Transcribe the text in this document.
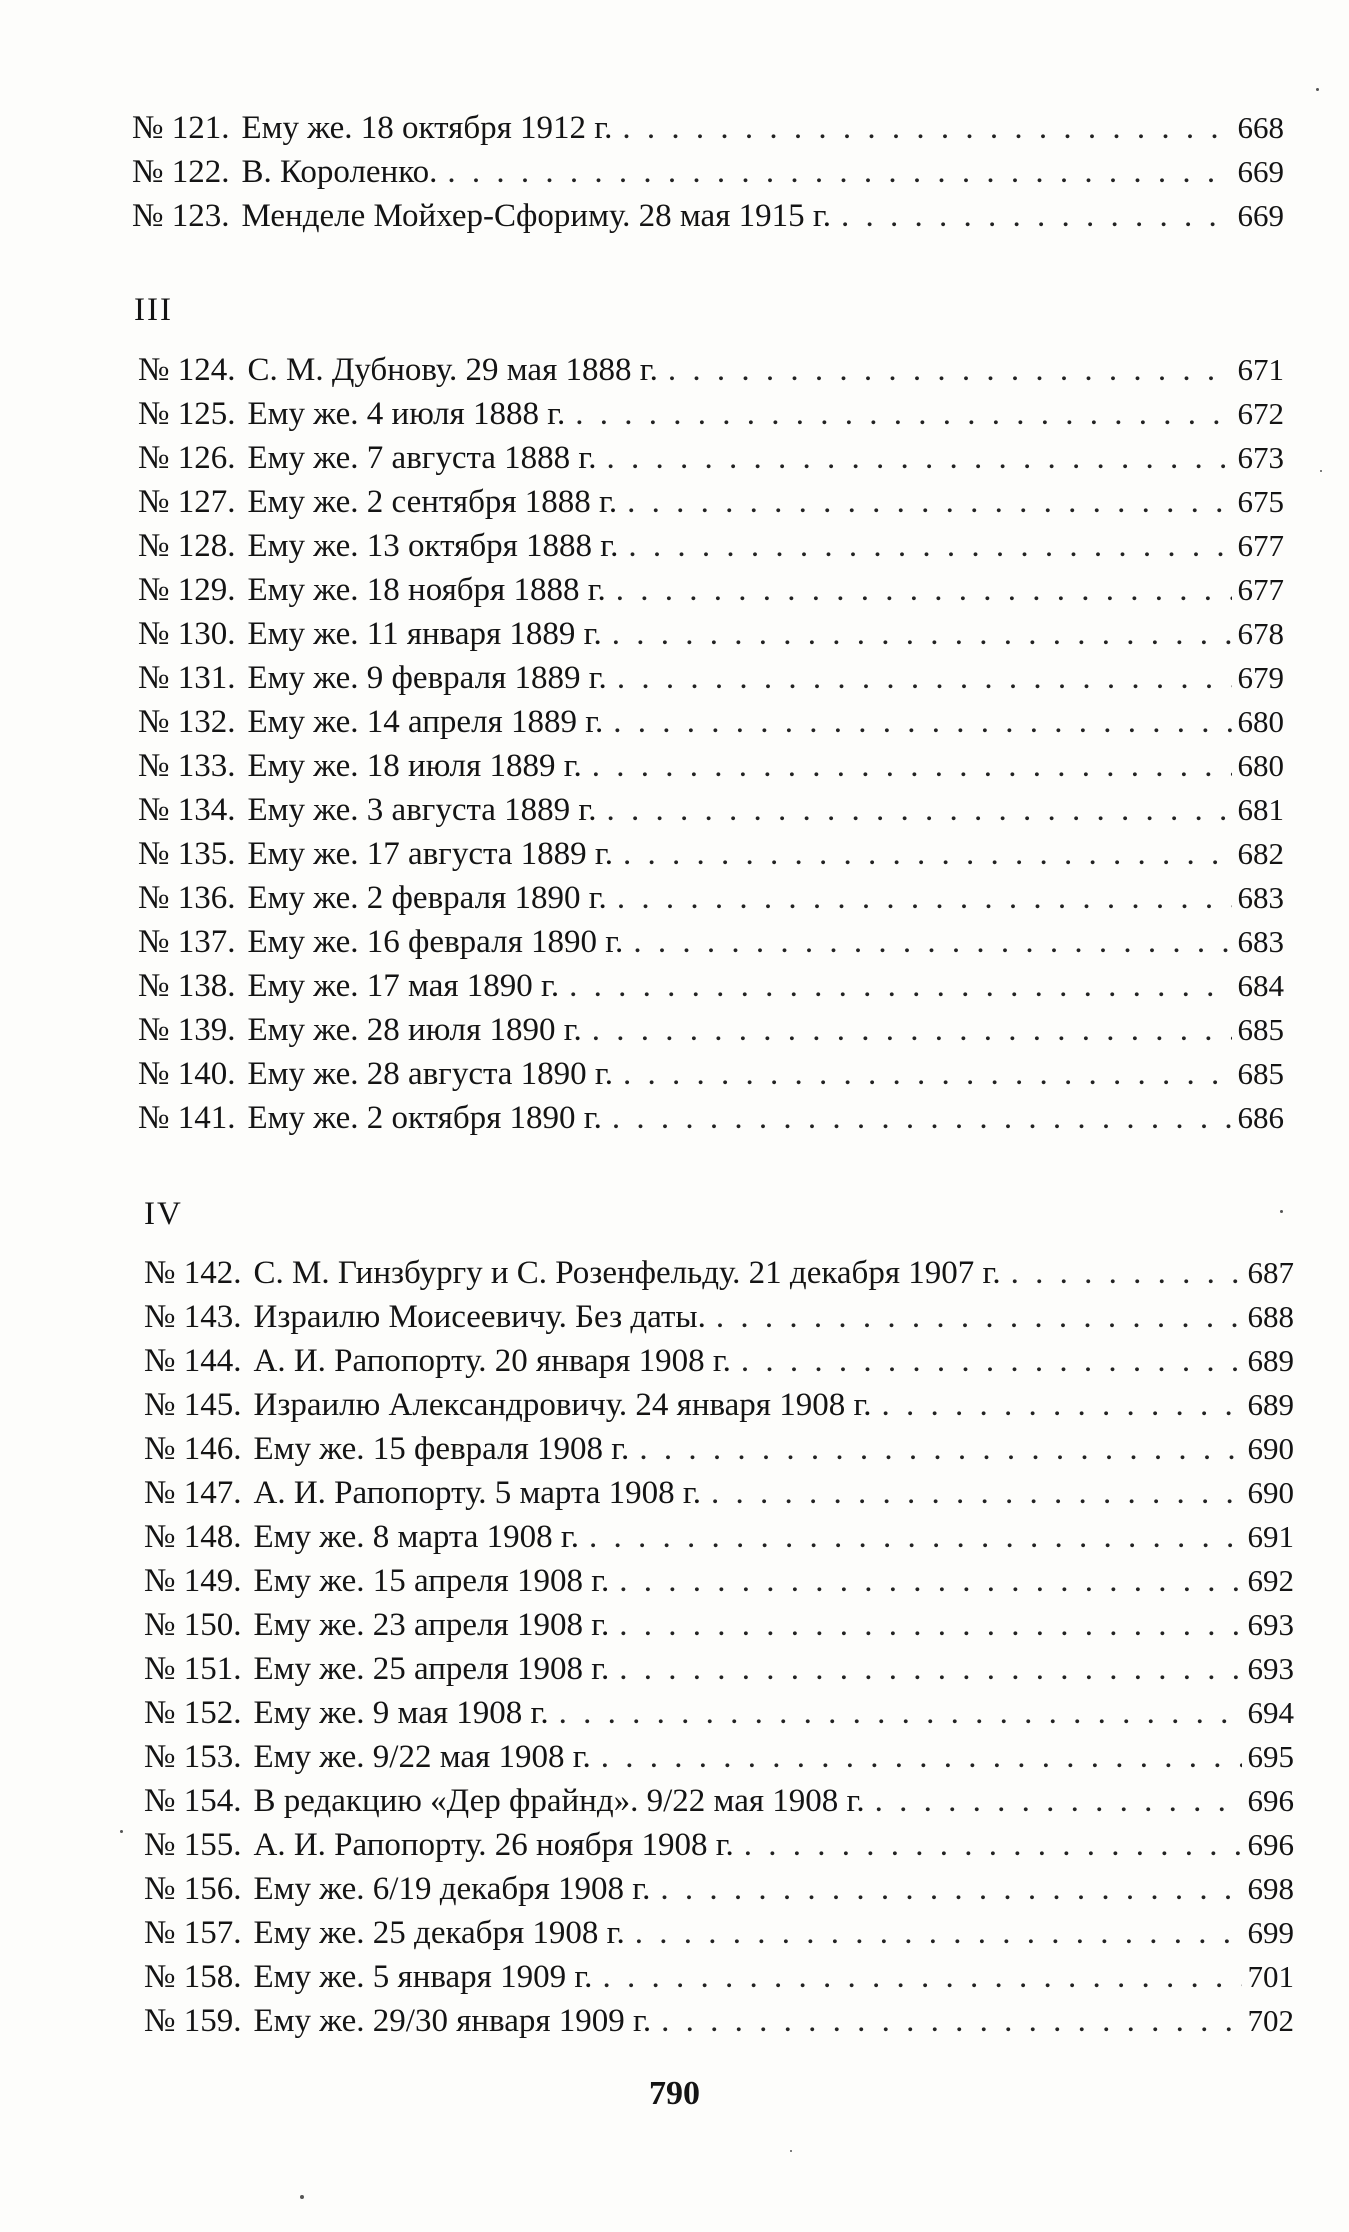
№ 121. Ему же. 18 октября 1912 г. . . .	668
№ 122. В. Короленко. . . .	669
№ 123. Менделе Мойхер-Сфориму. 28 мая 1915 г. . . .	669
III
№ 124. С. М. Дубнову. 29 мая 1888 г. . . .	671
№ 125. Ему же. 4 июля 1888 г. . . .	672
№ 126. Ему же. 7 августа 1888 г. . . .	673
№ 127. Ему же. 2 сентября 1888 г. . . .	675
№ 128. Ему же. 13 октября 1888 г. . . .	677
№ 129. Ему же. 18 ноября 1888 г. . . .	677
№ 130. Ему же. 11 января 1889 г. . . .	678
№ 131. Ему же. 9 февраля 1889 г. . . .	679
№ 132. Ему же. 14 апреля 1889 г. . . .	680
№ 133. Ему же. 18 июля 1889 г. . . .	680
№ 134. Ему же. 3 августа 1889 г. . . .	681
№ 135. Ему же. 17 августа 1889 г. . . .	682
№ 136. Ему же. 2 февраля 1890 г. . . .	683
№ 137. Ему же. 16 февраля 1890 г. . . .	683
№ 138. Ему же. 17 мая 1890 г. . . .	684
№ 139. Ему же. 28 июля 1890 г. . . .	685
№ 140. Ему же. 28 августа 1890 г. . . .	685
№ 141. Ему же. 2 октября 1890 г. . . .	686
IV
№ 142. С. М. Гинзбургу и С. Розенфельду. 21 декабря 1907 г. . . .	687
№ 143. Израилю Моисеевичу. Без даты. . . .	688
№ 144. А. И. Рапопорту. 20 января 1908 г. . . .	689
№ 145. Израилю Александровичу. 24 января 1908 г. . . .	689
№ 146. Ему же. 15 февраля 1908 г. . . .	690
№ 147. А. И. Рапопорту. 5 марта 1908 г. . . .	690
№ 148. Ему же. 8 марта 1908 г. . . .	691
№ 149. Ему же. 15 апреля 1908 г. . . .	692
№ 150. Ему же. 23 апреля 1908 г. . . .	693
№ 151. Ему же. 25 апреля 1908 г. . . .	693
№ 152. Ему же. 9 мая 1908 г. . . .	694
№ 153. Ему же. 9/22 мая 1908 г. . . .	695
№ 154. В редакцию «Дер фрайнд». 9/22 мая 1908 г. . . .	696
№ 155. А. И. Рапопорту. 26 ноября 1908 г. . . .	696
№ 156. Ему же. 6/19 декабря 1908 г. . . .	698
№ 157. Ему же. 25 декабря 1908 г. . . .	699
№ 158. Ему же. 5 января 1909 г. . . .	701
№ 159. Ему же. 29/30 января 1909 г. . . .	702
790
